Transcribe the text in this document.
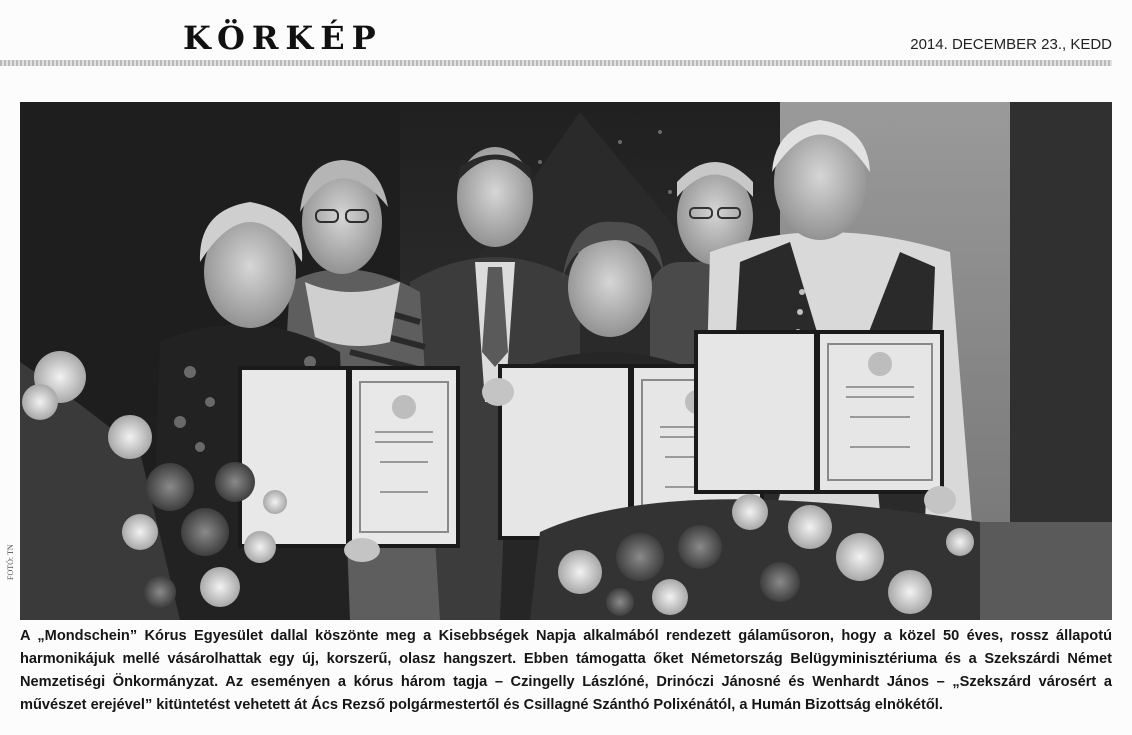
KÖRKÉP	2014. DECEMBER 23., KEDD
FOTÓ: TN

A „Mondschein” Kórus Egyesület dallal köszönte meg a Kisebbségek Napja alkalmából rendezett gálaműsoron, hogy a közel 50 éves, rossz állapotú harmonikájuk mellé vásárolhattak egy új, korszerű, olasz hangszert. Ebben támogatta őket Németország Belügyminisztériuma és a Szekszárdi Német Nemzetiségi Önkormányzat. Az eseményen a kórus három tagja – Czingelly Lászlóné, Drinóczi Jánosné és Wenhardt János – „Szekszárd városért a művészet erejével” kitüntetést vehetett át Ács Rezső polgármestertől és Csillagné Szánthó Polixénától, a Humán Bizottság elnökétől.
